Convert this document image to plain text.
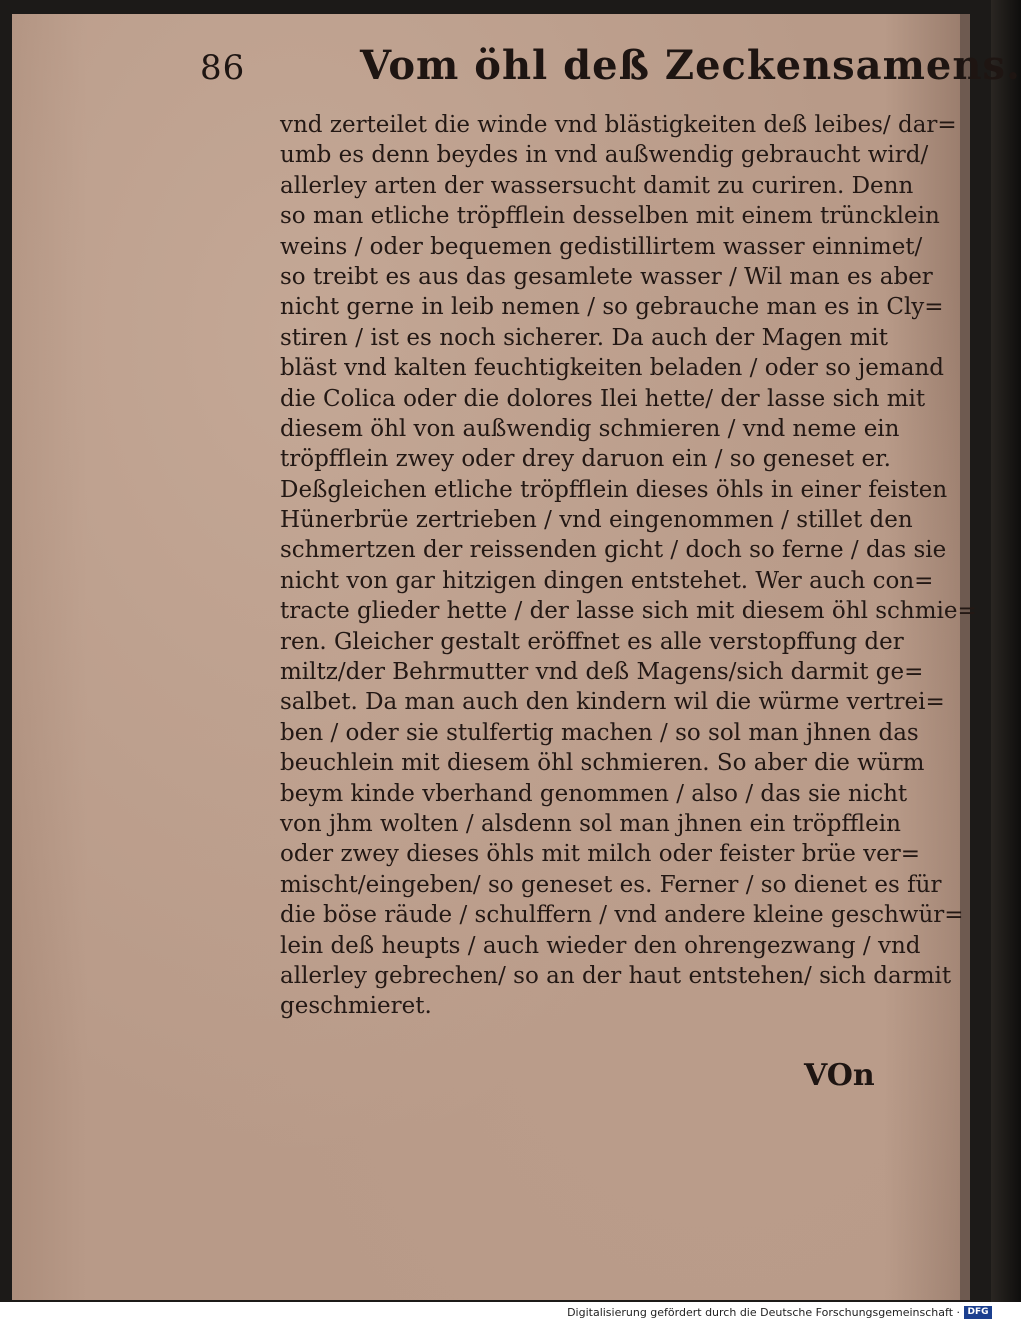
86	Vom öhl deß Zeckensamens.
vnd zerteilet die winde vnd blästigkeiten deß leibes/ dar=
umb es denn beydes in vnd außwendig gebraucht wird/
allerley arten der wassersucht damit zu curiren. Denn
so man etliche tröpfflein desselben mit einem trüncklein
weins / oder bequemen gedistillirtem wasser einnimet/
so treibt es aus das gesamlete wasser / Wil man es aber
nicht gerne in leib nemen / so gebrauche man es in Cly=
stiren / ist es noch sicherer. Da auch der Magen mit
bläst vnd kalten feuchtigkeiten beladen / oder so jemand
die Colica oder die dolores Ilei hette/ der lasse sich mit
diesem öhl von außwendig schmieren / vnd neme ein
tröpfflein zwey oder drey daruon ein / so geneset er.
Deßgleichen etliche tröpfflein dieses öhls in einer feisten
Hünerbrüe zertrieben / vnd eingenommen / stillet den
schmertzen der reissenden gicht / doch so ferne / das sie
nicht von gar hitzigen dingen entstehet. Wer auch con=
tracte glieder hette / der lasse sich mit diesem öhl schmie=
ren. Gleicher gestalt eröffnet es alle verstopffung der
miltz/der Behrmutter vnd deß Magens/sich darmit ge=
salbet. Da man auch den kindern wil die würme vertrei=
ben / oder sie stulfertig machen / so sol man jhnen das
beuchlein mit diesem öhl schmieren. So aber die würm
beym kinde vberhand genommen / also / das sie nicht
von jhm wolten / alsdenn sol man jhnen ein tröpfflein
oder zwey dieses öhls mit milch oder feister brüe ver=
mischt/eingeben/ so geneset es. Ferner / so dienet es für
die böse räude / schulffern / vnd andere kleine geschwür=
lein deß heupts / auch wieder den ohrengezwang / vnd
allerley gebrechen/ so an der haut entstehen/ sich darmit
geschmieret.
VOn
Digitalisierung gefördert durch die Deutsche Forschungsgemeinschaft · DFG
